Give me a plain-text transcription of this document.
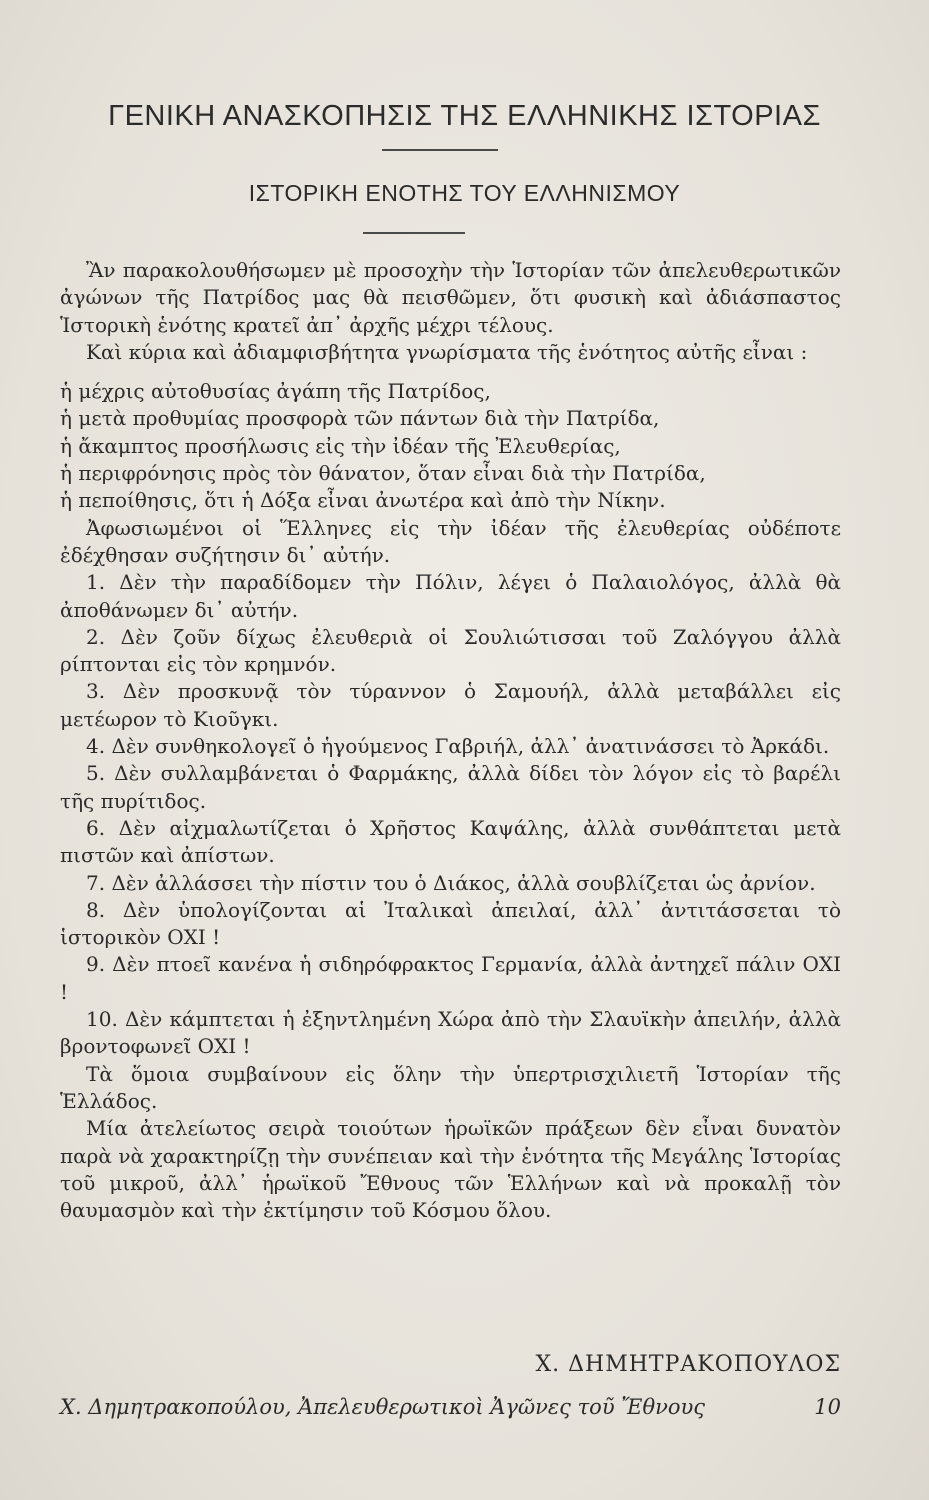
ΓΕΝΙΚΗ ΑΝΑΣΚΟΠΗΣΙΣ ΤΗΣ ΕΛΛΗΝΙΚΗΣ ΙΣΤΟΡΙΑΣ
ΙΣΤΟΡΙΚΗ ΕΝΟΤΗΣ ΤΟΥ ΕΛΛΗΝΙΣΜΟΥ

Ἂν παρακολουθήσωμεν μὲ προσοχὴν τὴν Ἱστορίαν τῶν ἀπελευθερωτικῶν ἀγώνων τῆς Πατρίδος μας θὰ πεισθῶμεν, ὅτι φυσικὴ καὶ ἀδιάσπαστος Ἱστορικὴ ἑνότης κρατεῖ ἀπ᾽ ἀρχῆς μέχρι τέλους.

Καὶ κύρια καὶ ἀδιαμφισβήτητα γνωρίσματα τῆς ἑνότητος αὐτῆς εἶναι :

ἡ μέχρις αὐτοθυσίας ἀγάπη τῆς Πατρίδος,

ἡ μετὰ προθυμίας προσφορὰ τῶν πάντων διὰ τὴν Πατρίδα,

ἡ ἄκαμπτος προσήλωσις εἰς τὴν ἰδέαν τῆς Ἐλευθερίας,

ἡ περιφρόνησις πρὸς τὸν θάνατον, ὅταν εἶναι διὰ τὴν Πατρίδα,

ἡ πεποίθησις, ὅτι ἡ Δόξα εἶναι ἀνωτέρα καὶ ἀπὸ τὴν Νίκην.

Ἀφωσιωμένοι οἱ Ἕλληνες εἰς τὴν ἰδέαν τῆς ἐλευθερίας οὐδέποτε ἐδέχθησαν συζήτησιν δι᾽ αὐτήν.

1. Δὲν τὴν παραδίδομεν τὴν Πόλιν, λέγει ὁ Παλαιολόγος, ἀλλὰ θὰ ἀποθάνωμεν δι᾽ αὐτήν.

2. Δὲν ζοῦν δίχως ἐλευθεριὰ οἱ Σουλιώτισσαι τοῦ Ζαλόγγου ἀλλὰ ρίπτονται εἰς τὸν κρημνόν.

3. Δὲν προσκυνᾷ τὸν τύραννον ὁ Σαμουήλ, ἀλλὰ μεταβάλλει εἰς μετέωρον τὸ Κιοῦγκι.

4. Δὲν συνθηκολογεῖ ὁ ἡγούμενος Γαβριήλ, ἀλλ᾽ ἀνατινάσσει τὸ Ἀρκάδι.

5. Δὲν συλλαμβάνεται ὁ Φαρμάκης, ἀλλὰ δίδει τὸν λόγον εἰς τὸ βαρέλι τῆς πυρίτιδος.

6. Δὲν αἰχμαλωτίζεται ὁ Χρῆστος Καψάλης, ἀλλὰ συνθάπτεται μετὰ πιστῶν καὶ ἀπίστων.

7. Δὲν ἀλλάσσει τὴν πίστιν του ὁ Διάκος, ἀλλὰ σουβλίζεται ὡς ἀρνίον.

8. Δὲν ὑπολογίζονται αἱ Ἰταλικαὶ ἀπειλαί, ἀλλ᾽ ἀντιτάσσεται τὸ ἱστορικὸν ΟΧΙ !

9. Δὲν πτοεῖ κανένα ἡ σιδηρόφρακτος Γερμανία, ἀλλὰ ἀντηχεῖ πάλιν ΟΧΙ !

10. Δὲν κάμπτεται ἡ ἐξηντλημένη Χώρα ἀπὸ τὴν Σλαυϊκὴν ἀπειλήν, ἀλλὰ βροντοφωνεῖ ΟΧΙ !

Τὰ ὅμοια συμβαίνουν εἰς ὅλην τὴν ὑπερτρισχιλιετῆ Ἱστορίαν τῆς Ἑλλάδος.

Μία ἀτελείωτος σειρὰ τοιούτων ἡρωϊκῶν πράξεων δὲν εἶναι δυνατὸν παρὰ νὰ χαρακτηρίζῃ τὴν συνέπειαν καὶ τὴν ἑνότητα τῆς Μεγάλης Ἱστορίας τοῦ μικροῦ, ἀλλ᾽ ἡρωϊκοῦ Ἔθνους τῶν Ἑλλήνων καὶ νὰ προκαλῇ τὸν θαυμασμὸν καὶ τὴν ἐκτίμησιν τοῦ Κόσμου ὅλου.

Χ. ΔΗΜΗΤΡΑΚΟΠΟΥΛΟΣ
Χ. Δημητρακοπούλου, Ἀπελευθερωτικοὶ Ἀγῶνες τοῦ Ἔθνους	10
